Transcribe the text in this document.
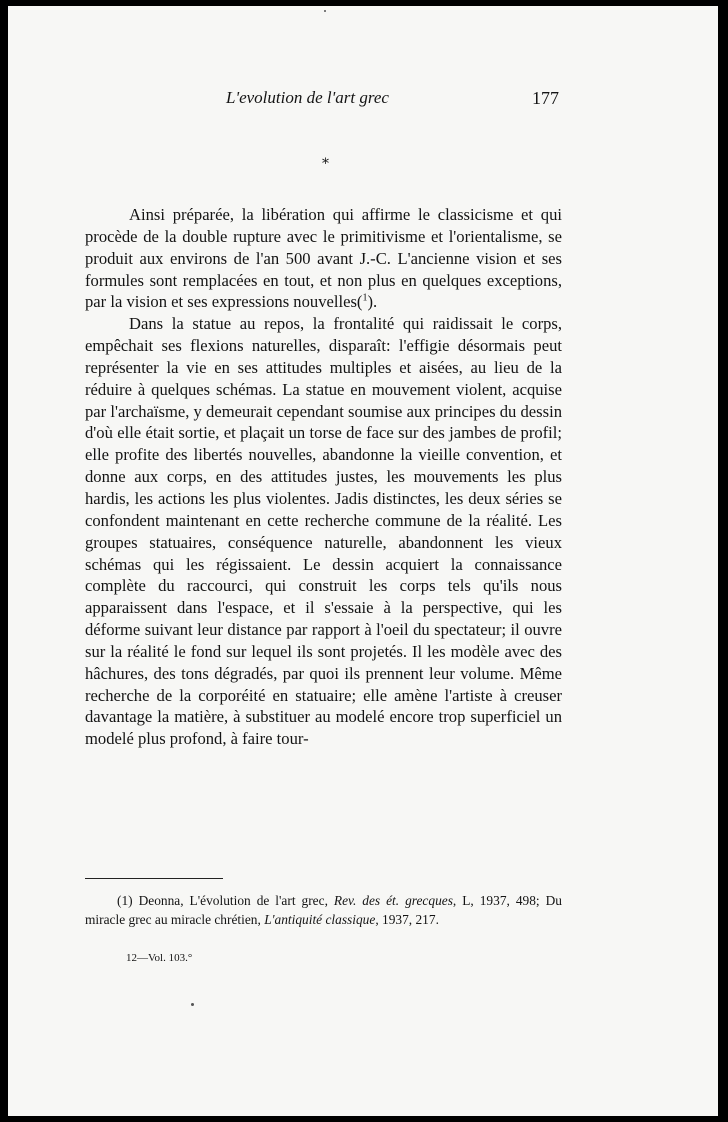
L'evolution de l'art grec	177
*

Ainsi préparée, la libération qui affirme le classicisme et qui procède de la double rupture avec le primitivisme et l'orientalisme, se produit aux environs de l'an 500 avant J.-C. L'ancienne vision et ses formules sont remplacées en tout, et non plus en quelques exceptions, par la vision et ses expressions nouvelles($^1$).

Dans la statue au repos, la frontalité qui raidissait le corps, empêchait ses flexions naturelles, disparaît: l'effigie désormais peut représenter la vie en ses attitudes multiples et aisées, au lieu de la réduire à quelques schémas. La statue en mouvement violent, acquise par l'archaïsme, y demeurait cependant soumise aux principes du dessin d'où elle était sortie, et plaçait un torse de face sur des jambes de profil; elle profite des libertés nouvelles, abandonne la vieille convention, et donne aux corps, en des attitudes justes, les mouvements les plus hardis, les actions les plus violentes. Jadis distinctes, les deux séries se confondent maintenant en cette recherche commune de la réalité. Les groupes statuaires, conséquence naturelle, abandonnent les vieux schémas qui les régissaient. Le dessin acquiert la connaissance complète du raccourci, qui construit les corps tels qu'ils nous apparaissent dans l'espace, et il s'essaie à la perspective, qui les déforme suivant leur distance par rapport à l'oeil du spectateur; il ouvre sur la réalité le fond sur lequel ils sont projetés. Il les modèle avec des hâchures, des tons dégradés, par quoi ils prennent leur volume. Même recherche de la corporéité en statuaire; elle amène l'artiste à creuser davantage la matière, à substituer au modelé encore trop superficiel un modelé plus profond, à faire tour-

(1) Deonna, L'évolution de l'art grec, Rev. des ét. grecques, L, 1937, 498; Du miracle grec au miracle chrétien, L'antiquité classique, 1937, 217.

12—Vol. 103.°
